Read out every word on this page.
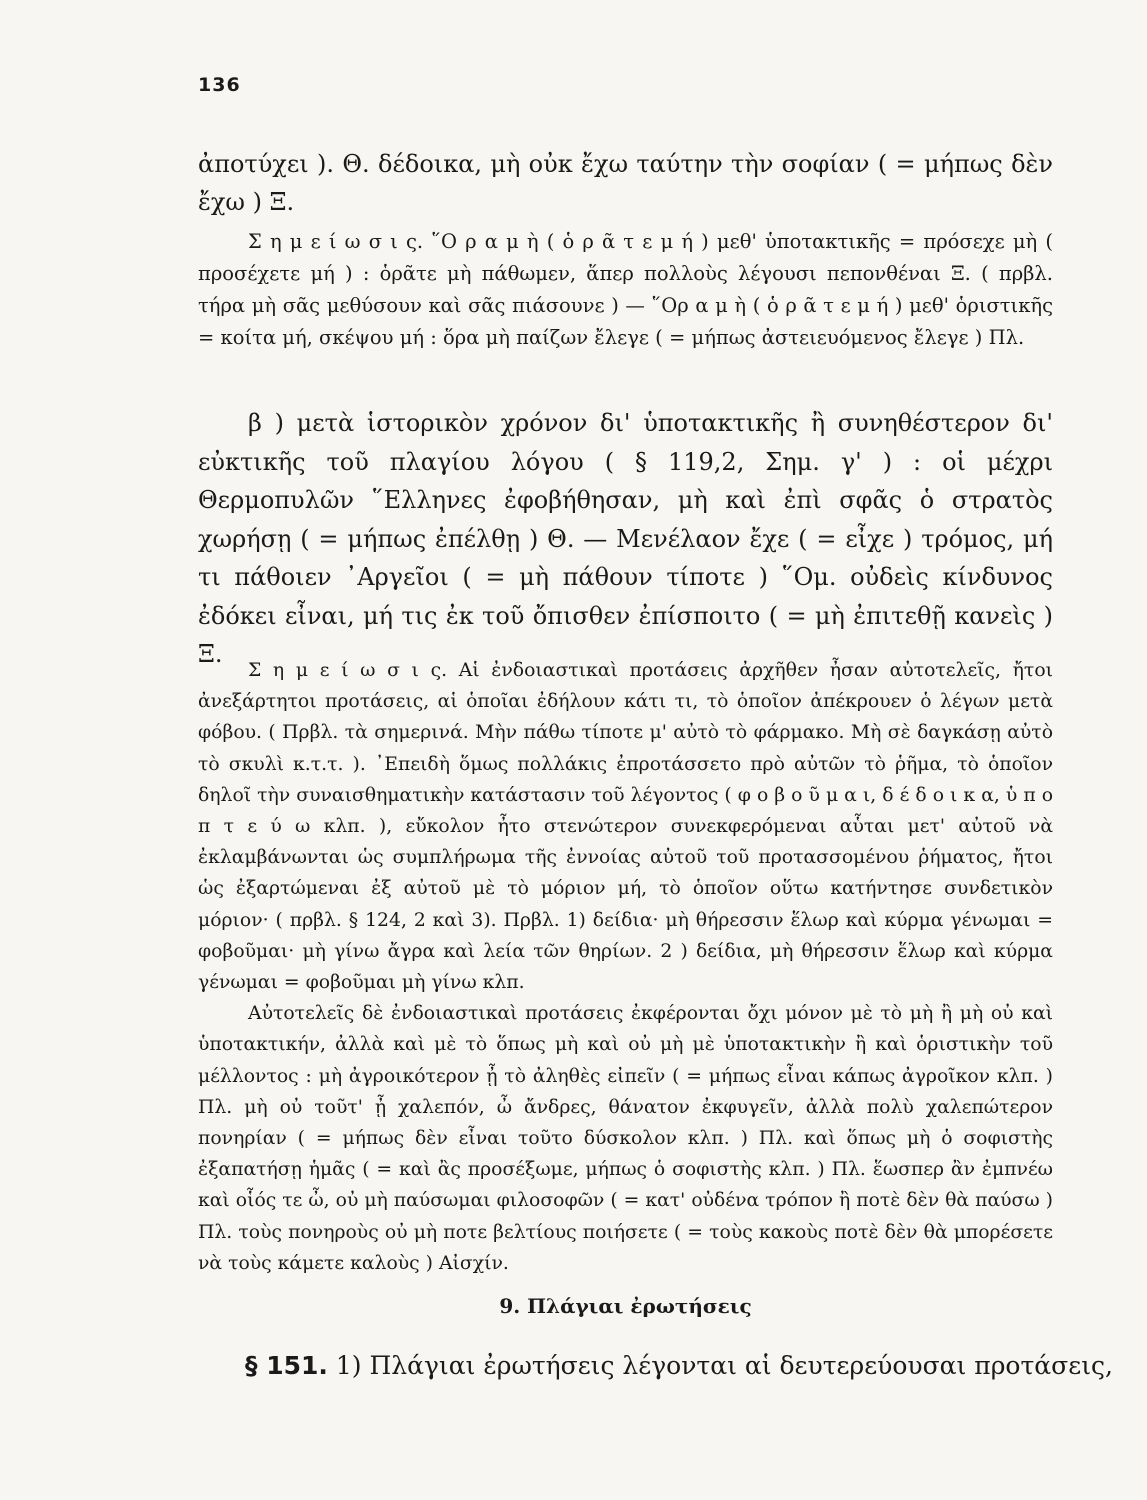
136

ἀποτύχει ). Θ. δέδοικα, μὴ οὐκ ἔχω ταύτην τὴν σοφίαν ( = μήπως δὲν ἔχω ) Ξ.

Σ η μ ε ί ω σ ι ς. ῞Ο ρ α μ ὴ ( ὁ ρ ᾶ τ ε μ ή ) μεθ' ὑποτακτικῆς = πρόσεχε μὴ ( προσέχετε μή ) : ὁρᾶτε μὴ πάθωμεν, ἅπερ πολλοὺς λέγουσι πεπονθέναι Ξ. ( πρβλ. τήρα μὴ σᾶς μεθύσουν καὶ σᾶς πιάσουνε ) — ῞Ορ α μ ὴ ( ὁ ρ ᾶ τ ε μ ή ) μεθ' ὁριστικῆς = κοίτα μή, σκέψου μή : ὅρα μὴ παίζων ἔλεγε ( = μήπως ἀστειευόμενος ἔλεγε ) Πλ.

β ) μετὰ ἱστορικὸν χρόνον δι' ὑποτακτικῆς ἢ συνηθέστερον δι' εὐκτικῆς τοῦ πλαγίου λόγου ( § 119,2, Σημ. γ' ) : οἱ μέχρι Θερμοπυλῶν ῞Ελληνες ἐφοβήθησαν, μὴ καὶ ἐπὶ σφᾶς ὁ στρατὸς χωρήσῃ ( = μήπως ἐπέλθῃ ) Θ. — Μενέλαον ἔχε ( = εἶχε ) τρόμος, μή τι πάθοιεν ᾿Αργεῖοι ( = μὴ πάθουν τίποτε ) ῞Ομ. οὐδεὶς κίνδυνος ἐδόκει εἶναι, μή τις ἐκ τοῦ ὄπισθεν ἐπίσποιτο ( = μὴ ἐπιτεθῇ κανεὶς ) Ξ.

Σ η μ ε ί ω σ ι ς. Αἱ ἐνδοιαστικαὶ προτάσεις ἀρχῆθεν ἦσαν αὐτοτελεῖς, ἤτοι ἀνεξάρτητοι προτάσεις, αἱ ὁποῖαι ἐδήλουν κάτι τι, τὸ ὁποῖον ἀπέκρουεν ὁ λέγων μετὰ φόβου. ( Πρβλ. τὰ σημερινά. Μὴν πάθω τίποτε μ' αὐτὸ τὸ φάρμακο. Μὴ σὲ δαγκάσῃ αὐτὸ τὸ σκυλὶ κ.τ.τ. ). ᾿Επειδὴ ὅμως πολλάκις ἐπροτάσσετο πρὸ αὐτῶν τὸ ῥῆμα, τὸ ὁποῖον δηλοῖ τὴν συναισθηματικὴν κατάστασιν τοῦ λέγοντος ( φ ο β ο ῦ μ α ι, δ έ δ ο ι κ α, ὑ π ο π τ ε ύ ω κλπ. ), εὔκολον ἦτο στενώτερον συνεκφερόμεναι αὗται μετ' αὐτοῦ νὰ ἐκλαμβάνωνται ὡς συμπλήρωμα τῆς ἐννοίας αὐτοῦ τοῦ προτασσομένου ῥήματος, ἤτοι ὡς ἐξαρτώμεναι ἐξ αὐτοῦ μὲ τὸ μόριον μή, τὸ ὁποῖον οὕτω κατήντησε συνδετικὸν μόριον· ( πρβλ. § 124, 2 καὶ 3). Πρβλ. 1) δείδια· μὴ θήρεσσιν ἕλωρ καὶ κύρμα γένωμαι = φοβοῦμαι· μὴ γίνω ἄγρα καὶ λεία τῶν θηρίων. 2 ) δείδια, μὴ θήρεσσιν ἕλωρ καὶ κύρμα γένωμαι = φοβοῦμαι μὴ γίνω κλπ.

Αὐτοτελεῖς δὲ ἐνδοιαστικαὶ προτάσεις ἐκφέρονται ὄχι μόνον μὲ τὸ μὴ ἢ μὴ οὐ καὶ ὑποτακτικήν, ἀλλὰ καὶ μὲ τὸ ὅπως μὴ καὶ οὐ μὴ μὲ ὑποτακτικὴν ἢ καὶ ὁριστικὴν τοῦ μέλλοντος : μὴ ἀγροικότερον ᾖ τὸ ἀληθὲς εἰπεῖν ( = μήπως εἶναι κάπως ἀγροῖκον κλπ. ) Πλ. μὴ οὐ τοῦτ' ᾖ χαλεπόν, ὦ ἄνδρες, θάνατον ἐκφυγεῖν, ἀλλὰ πολὺ χαλεπώτερον πονηρίαν ( = μήπως δὲν εἶναι τοῦτο δύσκολον κλπ. ) Πλ. καὶ ὅπως μὴ ὁ σοφιστὴς ἐξαπατήσῃ ἡμᾶς ( = καὶ ἂς προσέξωμε, μήπως ὁ σοφιστὴς κλπ. ) Πλ. ἕωσπερ ἂν ἐμπνέω καὶ οἷός τε ὦ, οὐ μὴ παύσωμαι φιλοσοφῶν ( = κατ' οὐδένα τρόπον ἢ ποτὲ δὲν θὰ παύσω ) Πλ. τοὺς πονηροὺς οὐ μὴ ποτε βελτίους ποιήσετε ( = τοὺς κακοὺς ποτὲ δὲν θὰ μπορέσετε νὰ τοὺς κάμετε καλοὺς ) Αἰσχίν.

9. Πλάγιαι ἐρωτήσεις
§ 151. 1) Πλάγιαι ἐρωτήσεις λέγονται αἱ δευτερεύουσαι προτάσεις,
